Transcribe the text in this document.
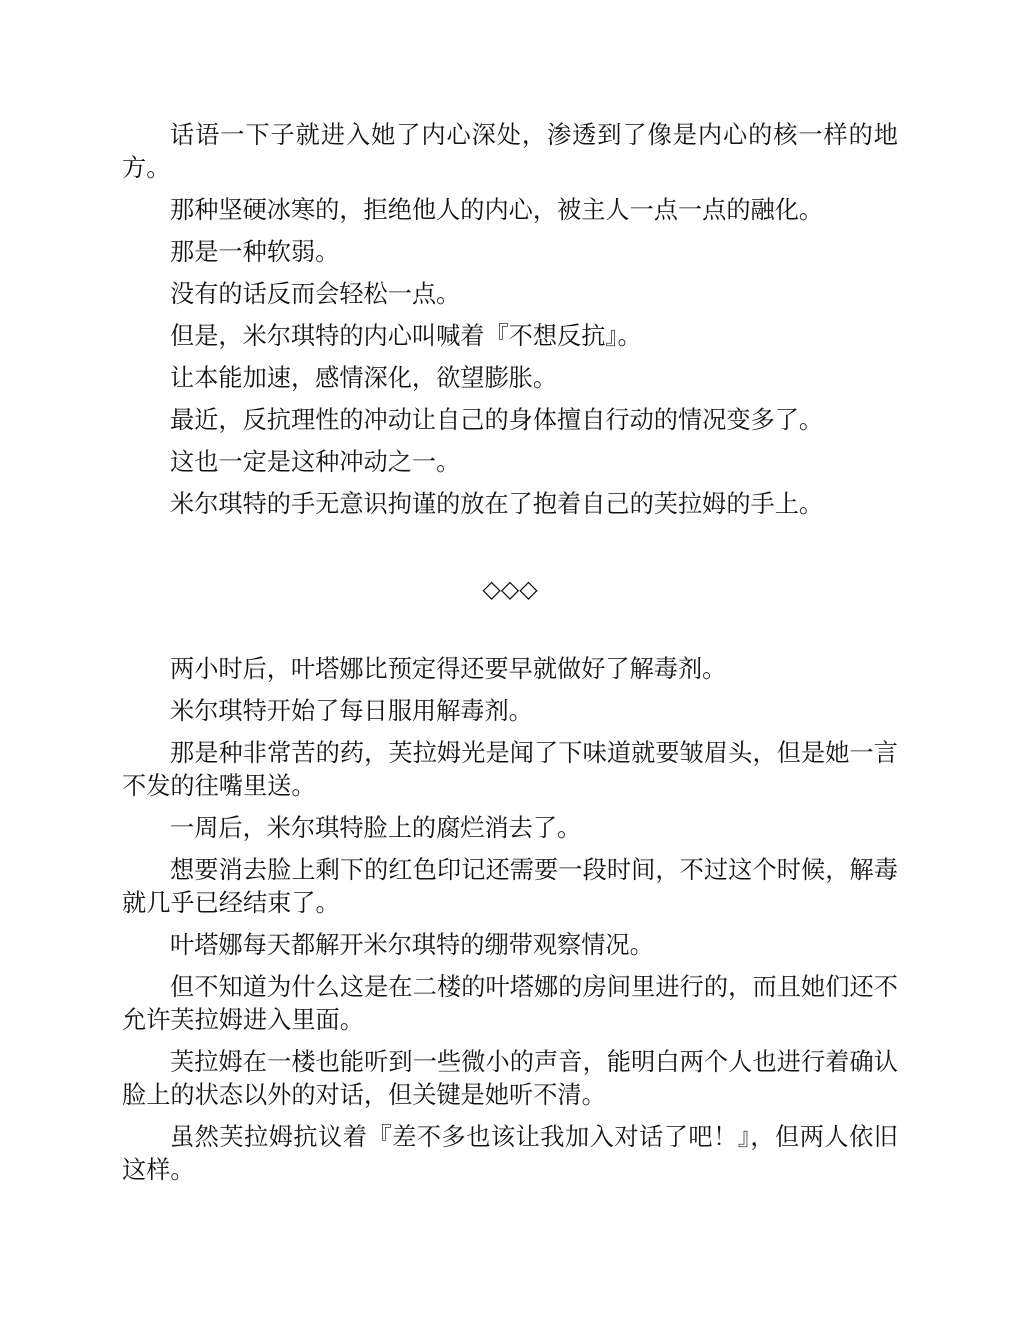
话语一下子就进入她了内心深处，渗透到了像是内心的核一样的地方。

那种坚硬冰寒的，拒绝他人的内心，被主人一点一点的融化。

那是一种软弱。

没有的话反而会轻松一点。

但是，米尔琪特的内心叫喊着『不想反抗』。

让本能加速，感情深化，欲望膨胀。

最近，反抗理性的冲动让自己的身体擅自行动的情况变多了。

这也一定是这种冲动之一。

米尔琪特的手无意识拘谨的放在了抱着自己的芙拉姆的手上。

◇◇◇

两小时后，叶塔娜比预定得还要早就做好了解毒剂。

米尔琪特开始了每日服用解毒剂。

那是种非常苦的药，芙拉姆光是闻了下味道就要皱眉头，但是她一言不发的往嘴里送。

一周后，米尔琪特脸上的腐烂消去了。

想要消去脸上剩下的红色印记还需要一段时间，不过这个时候，解毒就几乎已经结束了。

叶塔娜每天都解开米尔琪特的绷带观察情况。

但不知道为什么这是在二楼的叶塔娜的房间里进行的，而且她们还不允许芙拉姆进入里面。

芙拉姆在一楼也能听到一些微小的声音，能明白两个人也进行着确认脸上的状态以外的对话，但关键是她听不清。

虽然芙拉姆抗议着『差不多也该让我加入对话了吧！』，但两人依旧这样。
